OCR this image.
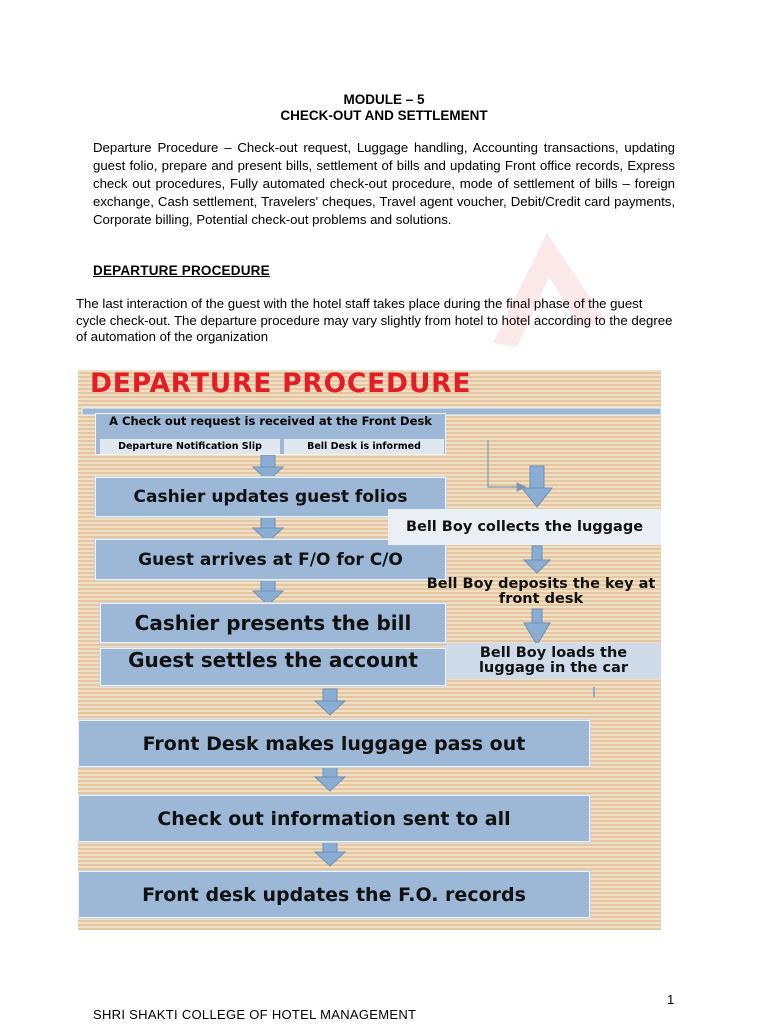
MODULE – 5
CHECK-OUT AND SETTLEMENT

Departure Procedure – Check-out request, Luggage handling, Accounting transactions, updating guest folio, prepare and present bills, settlement of bills and updating Front office records, Express check out procedures, Fully automated check-out procedure, mode of settlement of bills – foreign exchange, Cash settlement, Travelers' cheques, Travel agent voucher, Debit/Credit card payments, Corporate billing, Potential check-out problems and solutions.

DEPARTURE PROCEDURE

The last interaction of the guest with the hotel staff takes place during the final phase of the guest cycle check-out. The departure procedure may vary slightly from hotel to hotel according to the degree of automation of the organization

DEPARTURE PROCEDURE
A Check out request is received at the Front Desk
Departure Notification Slip	Bell Desk is informed
Cashier updates guest folios
Guest arrives at F/O for C/O
Cashier presents the bill
Guest settles the account
Front Desk makes luggage pass out
Check out information sent to all
Front desk updates the F.O. records
Bell Boy collects the luggage
Bell Boy deposits the key at front desk
Bell Boy loads the luggage in the car
1
SHRI SHAKTI COLLEGE OF HOTEL MANAGEMENT
